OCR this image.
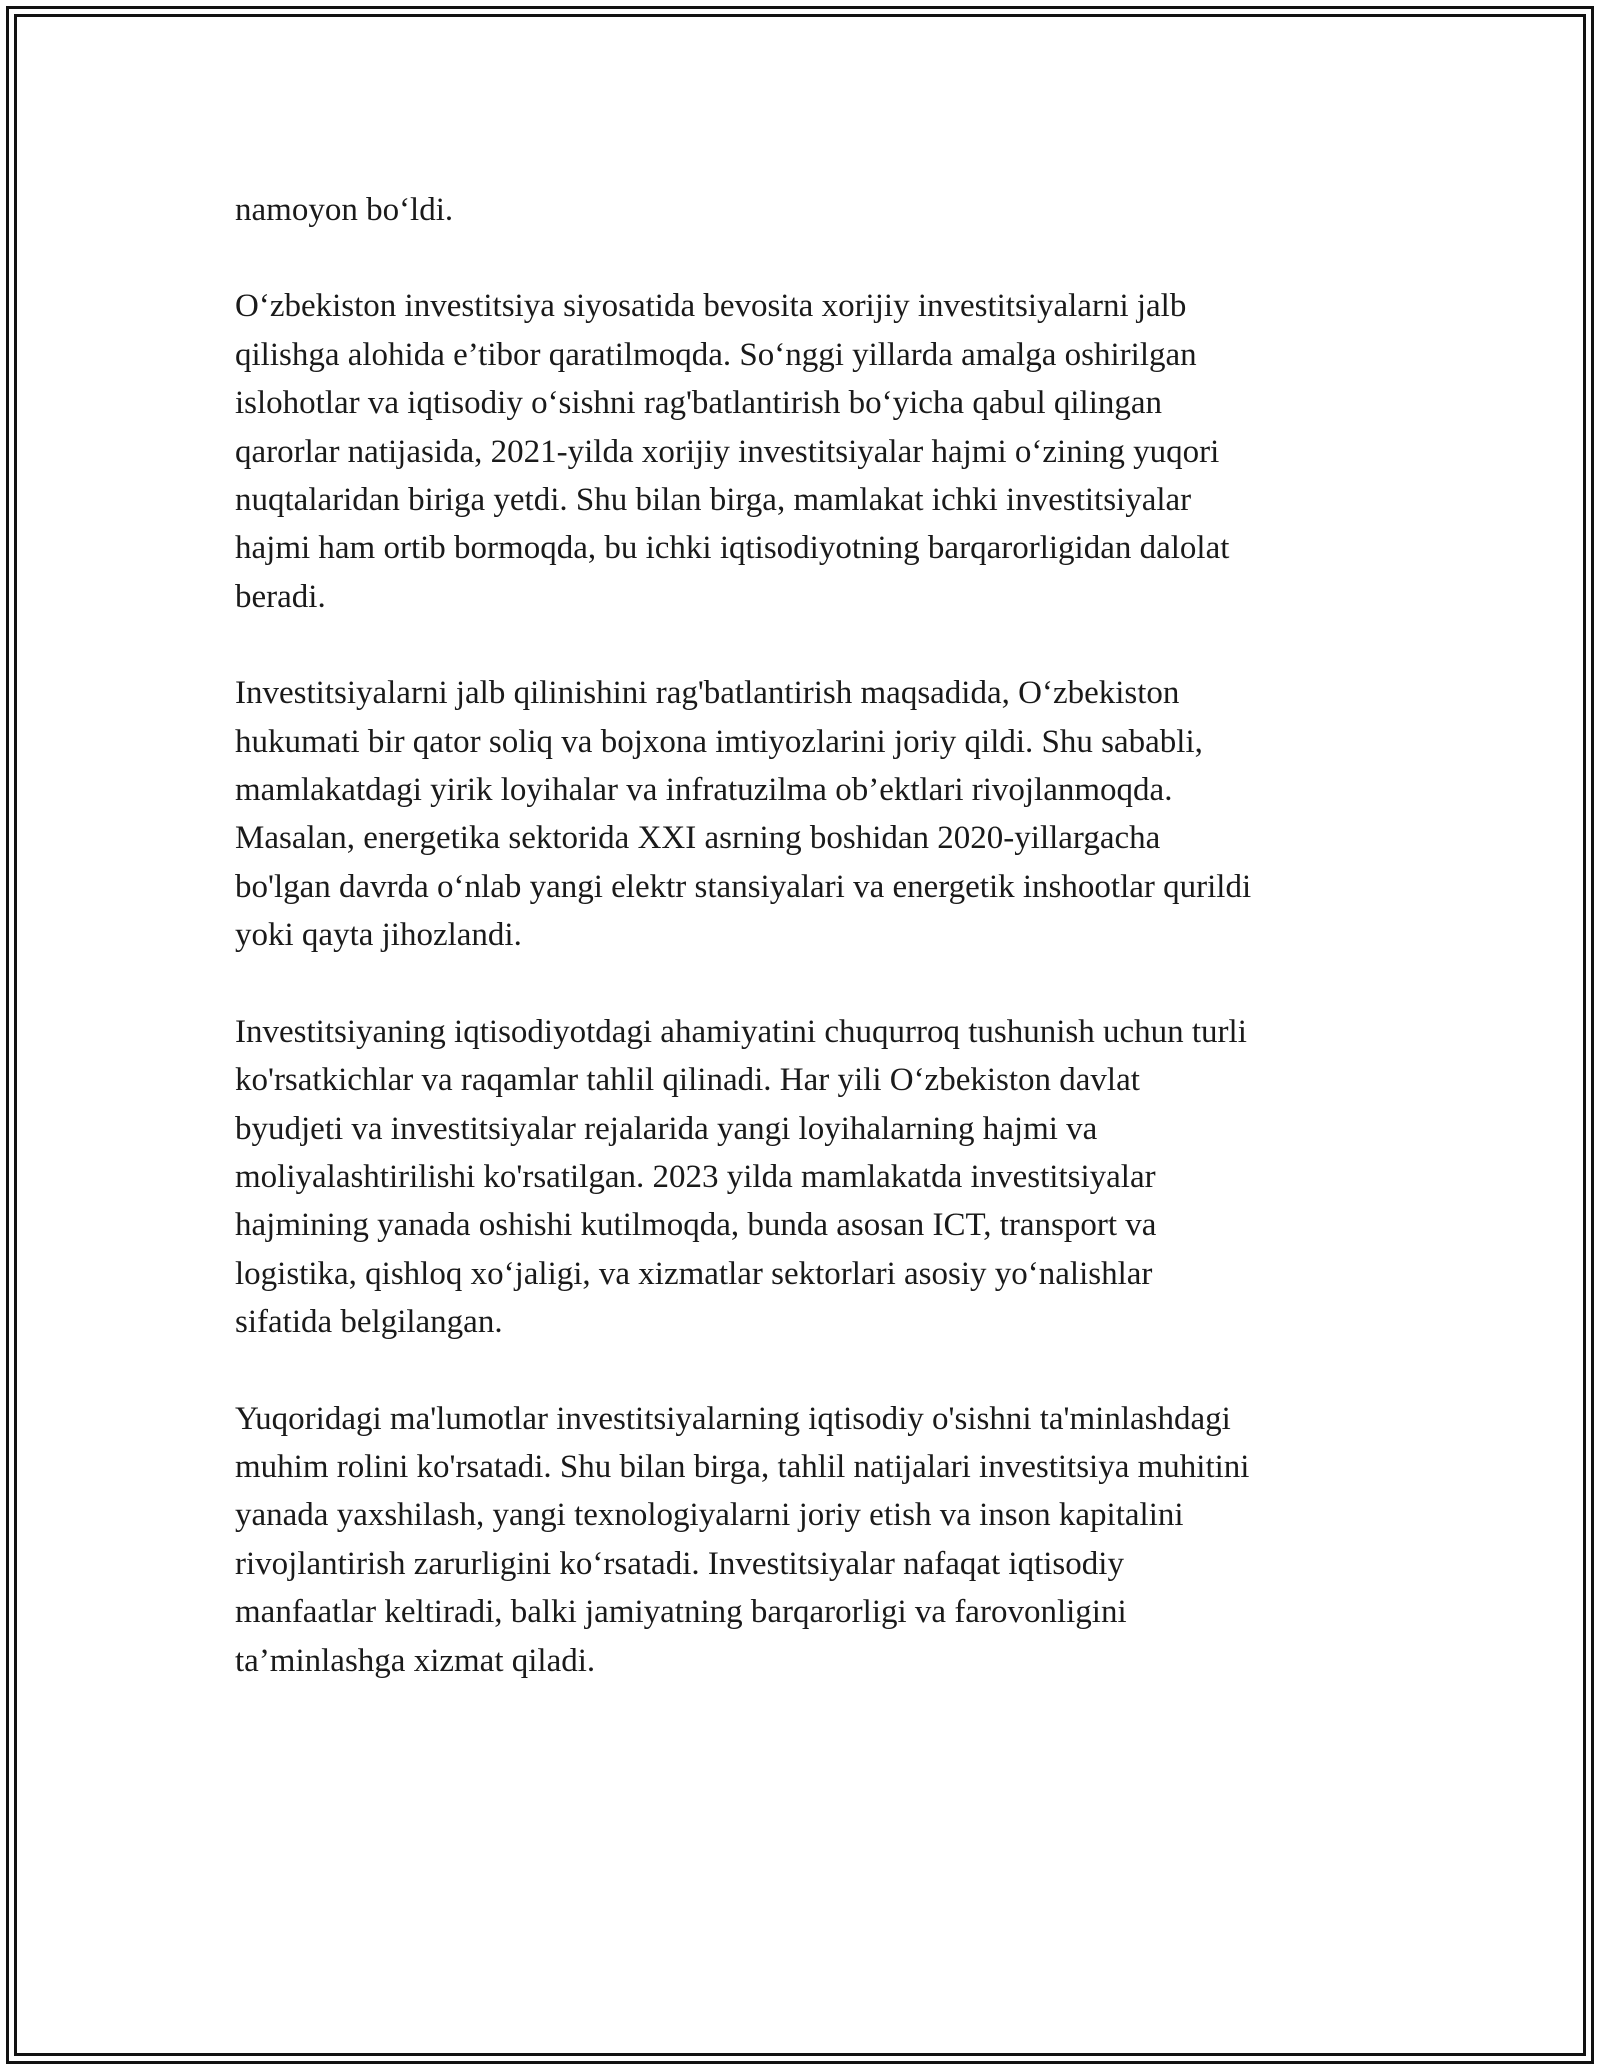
namoyon bo‘ldi.

O‘zbekiston investitsiya siyosatida bevosita xorijiy investitsiyalarni jalb
qilishga alohida e’tibor qaratilmoqda. So‘nggi yillarda amalga oshirilgan
islohotlar va iqtisodiy o‘sishni rag'batlantirish bo‘yicha qabul qilingan
qarorlar natijasida, 2021-yilda xorijiy investitsiyalar hajmi o‘zining yuqori
nuqtalaridan biriga yetdi. Shu bilan birga, mamlakat ichki investitsiyalar
hajmi ham ortib bormoqda, bu ichki iqtisodiyotning barqarorligidan dalolat
beradi.

Investitsiyalarni jalb qilinishini rag'batlantirish maqsadida, O‘zbekiston
hukumati bir qator soliq va bojxona imtiyozlarini joriy qildi. Shu sababli,
mamlakatdagi yirik loyihalar va infratuzilma ob’ektlari rivojlanmoqda.
Masalan, energetika sektorida XXI asrning boshidan 2020-yillargacha
bo'lgan davrda o‘nlab yangi elektr stansiyalari va energetik inshootlar qurildi
yoki qayta jihozlandi.

Investitsiyaning iqtisodiyotdagi ahamiyatini chuqurroq tushunish uchun turli
ko'rsatkichlar va raqamlar tahlil qilinadi. Har yili O‘zbekiston davlat
byudjeti va investitsiyalar rejalarida yangi loyihalarning hajmi va
moliyalashtirilishi ko'rsatilgan. 2023 yilda mamlakatda investitsiyalar
hajmining yanada oshishi kutilmoqda, bunda asosan ICT, transport va
logistika, qishloq xo‘jaligi, va xizmatlar sektorlari asosiy yo‘nalishlar
sifatida belgilangan.

Yuqoridagi ma'lumotlar investitsiyalarning iqtisodiy o'sishni ta'minlashdagi
muhim rolini ko'rsatadi. Shu bilan birga, tahlil natijalari investitsiya muhitini
yanada yaxshilash, yangi texnologiyalarni joriy etish va inson kapitalini
rivojlantirish zarurligini ko‘rsatadi. Investitsiyalar nafaqat iqtisodiy
manfaatlar keltiradi, balki jamiyatning barqarorligi va farovonligini
ta’minlashga xizmat qiladi.
